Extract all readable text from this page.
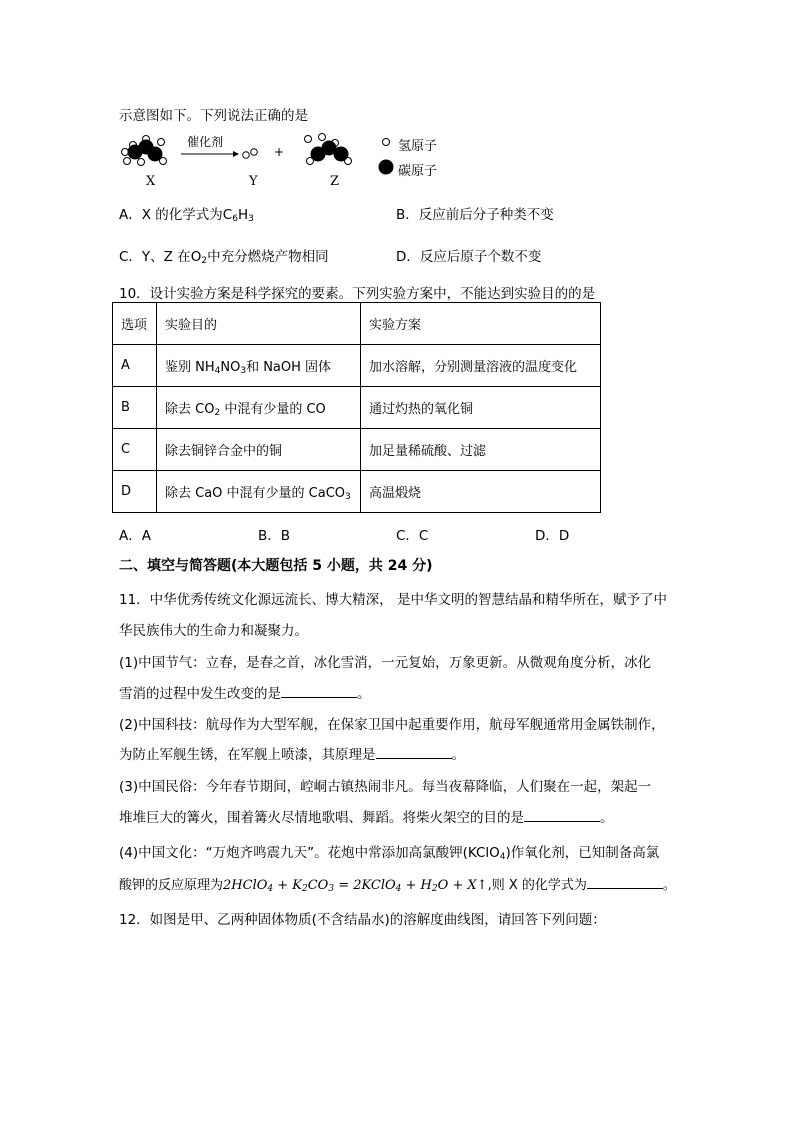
示意图如下。下列说法正确的是
催化剂
+	氢原子
碳原子
X	Y	Z
A．X 的化学式为$C_6H_3$	B．反应前后分子种类不变
C．Y、Z 在$O_2$中充分燃烧产物相同	D．反应后原子个数不变
10．设计实验方案是科学探究的要素。下列实验方案中，不能达到实验目的的是
选项	实验目的	实验方案
A	鉴别 $NH_4NO_3$和 NaOH 固体	加水溶解，分别测量溶液的温度变化
B	除去 $CO_2$ 中混有少量的 CO	通过灼热的氧化铜
C	除去铜锌合金中的铜	加足量稀硫酸、过滤
D	除去 CaO 中混有少量的 CaCO$_3$	高温煅烧
A．A	B．B	C．C	D．D
二、填空与简答题(本大题包括 5 小题，共 24 分)
11．中华优秀传统文化源远流长、博大精深， 是中华文明的智慧结晶和精华所在，赋予了中
华民族伟大的生命力和凝聚力。
(1)中国节气：立春，是春之首，冰化雪消，一元复始，万象更新。从微观角度分析，冰化
雪消的过程中发生改变的是	。
(2)中国科技：航母作为大型军舰，在保家卫国中起重要作用，航母军舰通常用金属铁制作，
为防止军舰生锈，在军舰上喷漆，其原理是	。
(3)中国民俗：今年春节期间，崆峒古镇热闹非凡。每当夜幕降临，人们聚在一起，架起一
堆堆巨大的篝火，围着篝火尽情地歌唱、舞蹈。将柴火架空的目的是	。
(4)中国文化：“万炮齐鸣震九天”。花炮中常添加高氯酸钾(KClO$_4$)作氧化剂，已知制备高氯
酸钾的反应原理为2HClO$_4$ + $K_2CO_3$ = 2KClO$_4$ + $H_2O$ + X↑,则 X 的化学式为	。
12．如图是甲、乙两种固体物质(不含结晶水)的溶解度曲线图，请回答下列问题：
